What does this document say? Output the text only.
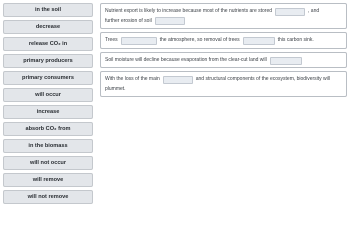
in the soil
decrease
release CO₂ in
primary producers
primary consumers
will occur
increase
absorb CO₂ from
in the biomass
will not occur
will remove
will not remove
Nutrient export is likely to increase because most of the nutrients are stored	, and
further erosion of soil
Trees	the atmosphere, so removal of trees	this carbon sink.
Soil moisture will decline because evaporation from the clear-cut land will
With the loss of the main	and structural components of the ecosystem, biodiversity will
plummet.
